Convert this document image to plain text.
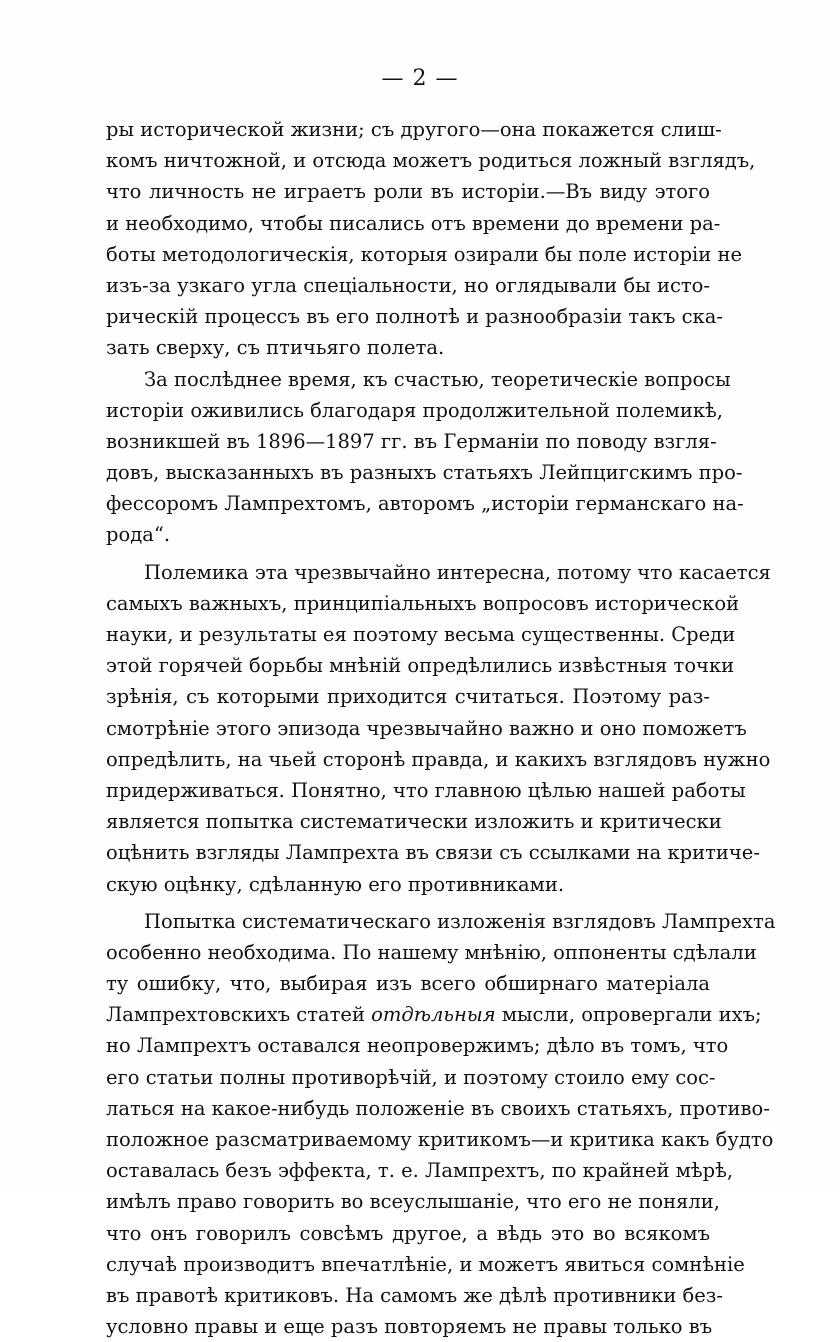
— 2 —
ры исторической жизни; съ другого—она покажется слиш-
комъ ничтожной, и отсюда можетъ родиться ложный взглядъ,
что личность не играетъ роли въ исторіи.—Въ виду этого
и необходимо, чтобы писались отъ времени до времени ра-
боты методологическія, которыя озирали бы поле исторіи не
изъ-за узкаго угла спеціальности, но оглядывали бы исто-
рическій процессъ въ его полнотѣ и разнообразіи такъ ска-
зать сверху, съ птичьяго полета.
За послѣднее время, къ счастью, теоретическіе вопросы
исторіи оживились благодаря продолжительной полемикѣ,
возникшей въ 1896—1897 гг. въ Германіи по поводу взгля-
довъ, высказанныхъ въ разныхъ статьяхъ Лейпцигскимъ про-
фессоромъ Лампрехтомъ, авторомъ „исторіи германскаго на-
рода“.
Полемика эта чрезвычайно интересна, потому что касается
самыхъ важныхъ, принципіальныхъ вопросовъ исторической
науки, и результаты ея поэтому весьма существенны. Среди
этой горячей борьбы мнѣній опредѣлились извѣстныя точки
зрѣнія, съ которыми приходится считаться. Поэтому раз-
смотрѣніе этого эпизода чрезвычайно важно и оно поможетъ
опредѣлить, на чьей сторонѣ правда, и какихъ взглядовъ нужно
придерживаться. Понятно, что главною цѣлью нашей работы
является попытка систематически изложить и критически
оцѣнить взгляды Лампрехта въ связи съ ссылками на критиче-
скую оцѣнку, сдѣланную его противниками.
Попытка систематическаго изложенія взглядовъ Лампрехта
особенно необходима. По нашему мнѣнію, оппоненты сдѣлали
ту ошибку, что, выбирая изъ всего обширнаго матеріала
Лампрехтовскихъ статей отдѣльныя мысли, опровергали ихъ;
но Лампрехтъ оставался неопровержимъ; дѣло въ томъ, что
его статьи полны противорѣчій, и поэтому стоило ему сос-
латься на какое-нибудь положеніе въ своихъ статьяхъ, противо-
положное разсматриваемому критикомъ—и критика какъ будто
оставалась безъ эффекта, т. е. Лампрехтъ, по крайней мѣрѣ,
имѣлъ право говорить во всеуслышаніе, что его не поняли,
что онъ говорилъ совсѣмъ другое, а вѣдь это во всякомъ
случаѣ производитъ впечатлѣніе, и можетъ явиться сомнѣніе
въ правотѣ критиковъ. На самомъ же дѣлѣ противники без-
условно правы и еще разъ повторяемъ не правы только въ
